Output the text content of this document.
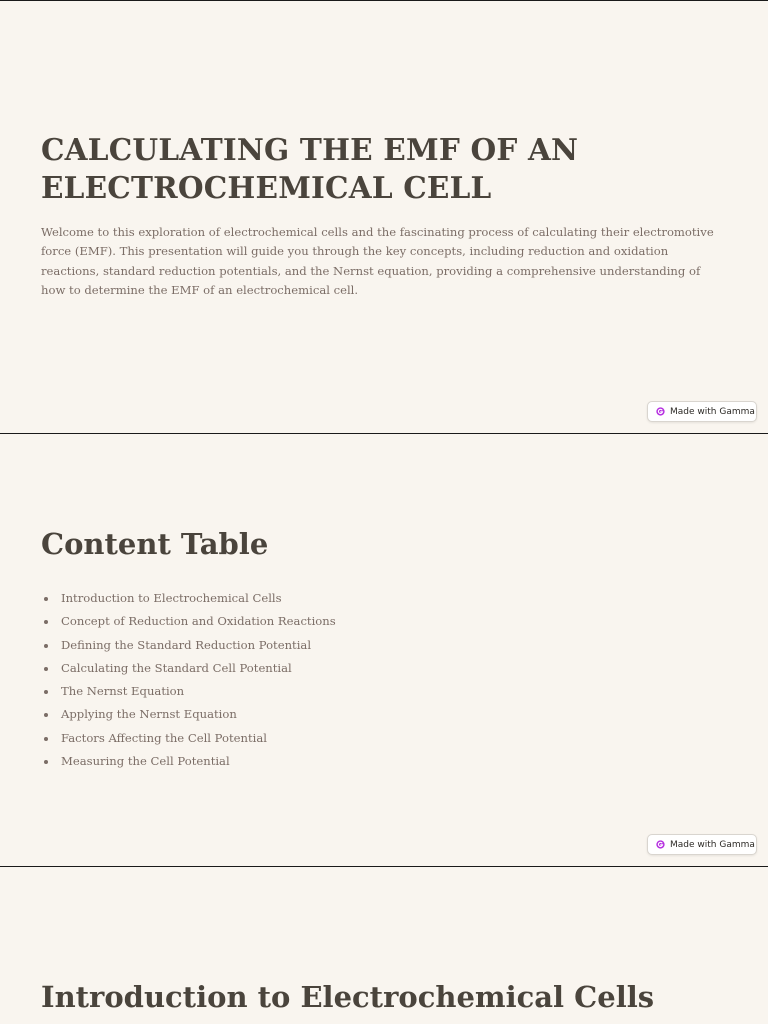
CALCULATING THE EMF OF AN ELECTROCHEMICAL CELL

Welcome to this exploration of electrochemical cells and the fascinating process of calculating their electromotive force (EMF). This presentation will guide you through the key concepts, including reduction and oxidation reactions, standard reduction potentials, and the Nernst equation, providing a comprehensive understanding of how to determine the EMF of an electrochemical cell.

Made with Gamma
Content Table
Introduction to Electrochemical Cells
Concept of Reduction and Oxidation Reactions
Defining the Standard Reduction Potential
Calculating the Standard Cell Potential
The Nernst Equation
Applying the Nernst Equation
Factors Affecting the Cell Potential
Measuring the Cell Potential
Made with Gamma
Introduction to Electrochemical Cells
